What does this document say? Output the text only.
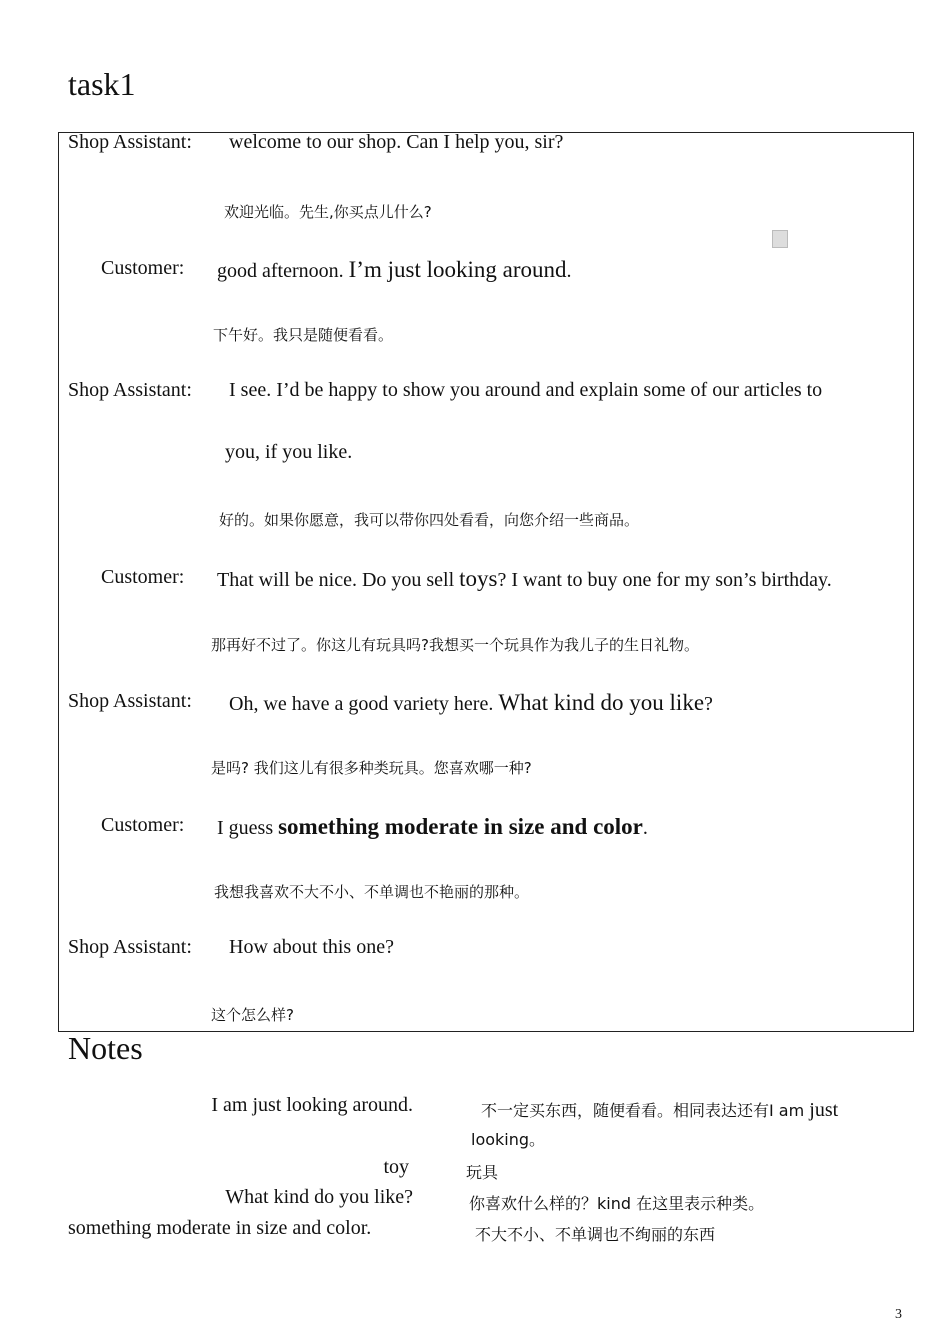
task1
Shop Assistant: welcome to our shop. Can I help you, sir?
欢迎光临。先生,你买点儿什么?
Customer: good afternoon. I’m just looking around.
下午好。我只是随便看看。
Shop Assistant: I see. I’d be happy to show you around and explain some of our articles to
you, if you like.
好的。如果你愿意，我可以带你四处看看，向您介绍一些商品。
Customer: That will be nice. Do you sell toys? I want to buy one for my son’s birthday.
那再好不过了。你这儿有玩具吗?我想买一个玩具作为我儿子的生日礼物。
Shop Assistant: Oh, we have a good variety here. What kind do you like?
是吗? 我们这儿有很多种类玩具。您喜欢哪一种?
Customer: I guess something moderate in size and color.
我想我喜欢不大不小、不单调也不艳丽的那种。
Shop Assistant: How about this one?
这个怎么样?
Notes
I am just looking around.	不一定买东西，随便看看。相同表达还有I am just
looking。
toy	玩具
What kind do you like?	你喜欢什么样的？kind 在这里表示种类。
something moderate in size and color.	不大不小、不单调也不绚丽的东西
3
